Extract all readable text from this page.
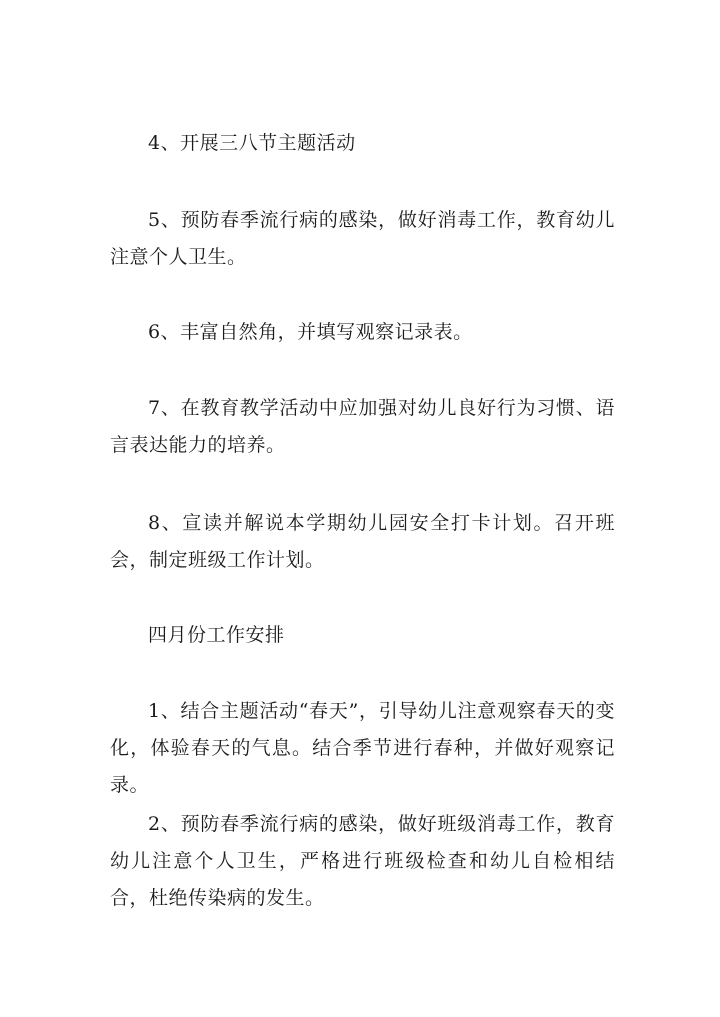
4、开展三八节主题活动

5、预防春季流行病的感染，做好消毒工作，教育幼儿注意个人卫生。

6、丰富自然角，并填写观察记录表。

7、在教育教学活动中应加强对幼儿良好行为习惯、语言表达能力的培养。

8、宣读并解说本学期幼儿园安全打卡计划。召开班会，制定班级工作计划。

四月份工作安排

1、结合主题活动“春天”，引导幼儿注意观察春天的变化，体验春天的气息。结合季节进行春种，并做好观察记录。

2、预防春季流行病的感染，做好班级消毒工作，教育幼儿注意个人卫生，严格进行班级检查和幼儿自检相结合，杜绝传染病的发生。
